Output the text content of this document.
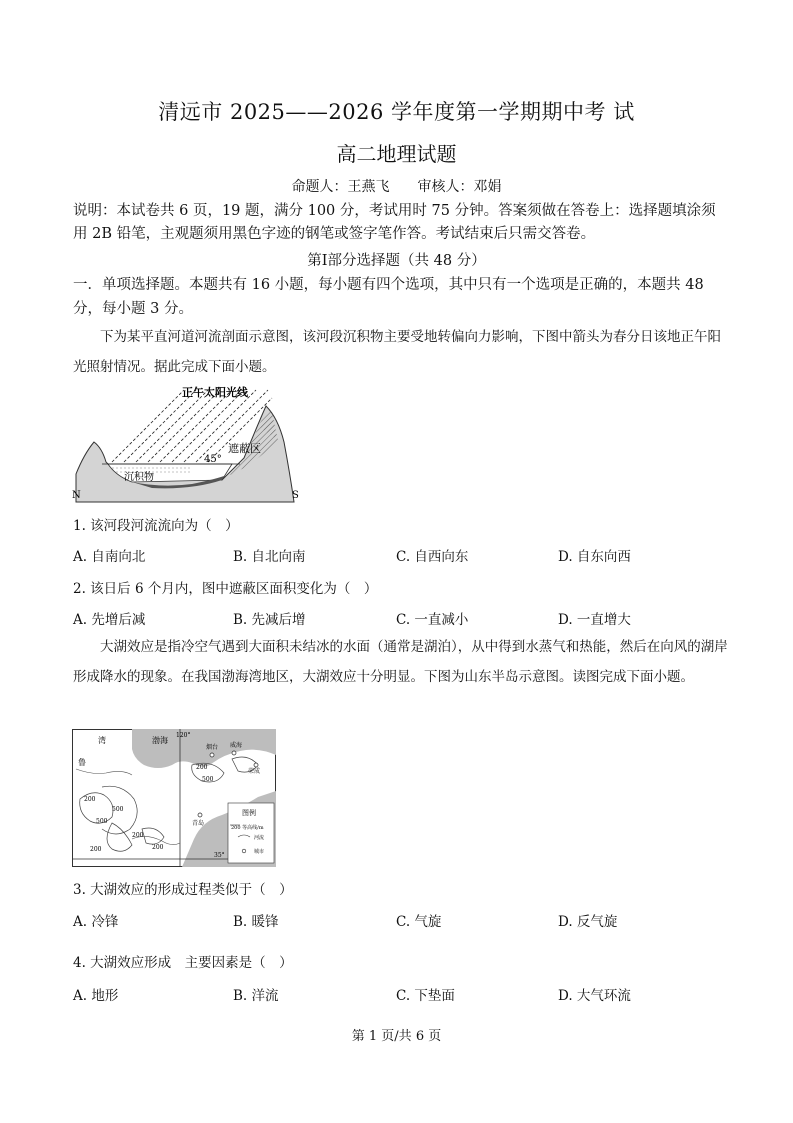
清远市 2025——2026 学年度第一学期期中考 试
高二地理试题
命题人：王燕飞　　审核人：邓娟
说明：本试卷共 6 页，19 题，满分 100 分，考试用时 75 分钟。答案须做在答卷上：选择题填涂须用 2B 铅笔，主观题须用黑色字迹的钢笔或签字笔作答。考试结束后只需交答卷。
第Ⅰ部分选择题（共 48 分）
一．单项选择题。本题共有 16 小题，每小题有四个选项，其中只有一个选项是正确的，本题共 48 分，每小题 3 分。
下为某平直河道河流剖面示意图，该河段沉积物主要受地转偏向力影响，下图中箭头为春分日该地正午阳光照射情况。据此完成下面小题。
正午太阳光线
遮蔽区
45°
沉积物
N	S
1. 该河段河流流向为（　）
A. 自南向北	B. 自北向南	C. 自西向东	D. 自东向西
2. 该日后 6 个月内，图中遮蔽区面积变化为（　）
A. 先增后减	B. 先减后增	C. 一直减小	D. 一直增大
大湖效应是指冷空气遇到大面积未结冰的水面（通常是湖泊），从中得到水蒸气和热能，然后在向风的湖岸形成降水的现象。在我国渤海湾地区，大湖效应十分明显。下图为山东半岛示意图。读图完成下面小题。
图例
200 等高线/m
河流
城市
渤海
湾
鲁
120°
35°
烟台 威海
荣成
青岛
200
500
500
200
200
500
200
200
3. 大湖效应的形成过程类似于（　）
A. 冷锋	B. 暖锋	C. 气旋	D. 反气旋
4. 大湖效应形成　主要因素是（　）
A. 地形	B. 洋流	C. 下垫面	D. 大气环流
第 1 页/共 6 页
